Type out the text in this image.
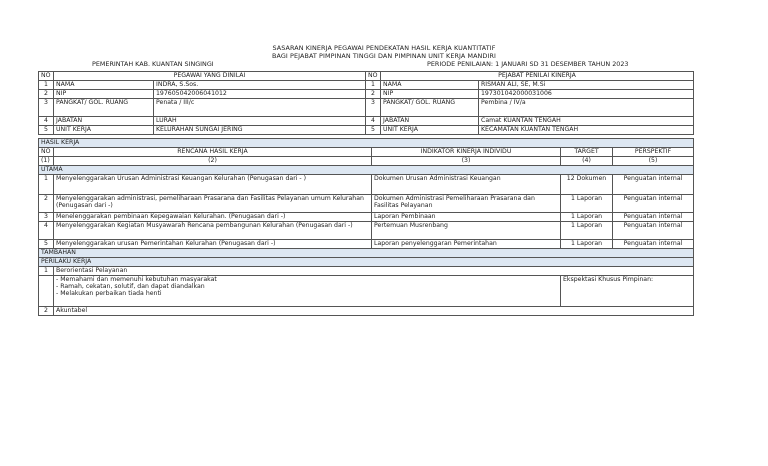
SASARAN KINERJA PEGAWAI PENDEKATAN HASIL KERJA KUANTITATIF
BAGI PEJABAT PIMPINAN TINGGI DAN PIMPINAN UNIT KERJA MANDIRI
PEMERINTAH KAB. KUANTAN SINGINGI	PERIODE PENILAIAN: 1 JANUARI SD 31 DESEMBER TAHUN 2023
NO	PEGAWAI YANG DINILAI		NO	PEJABAT PENILAI KINERJA	
1	NAMA	INDRA, S.Sos.	1	NAMA	RISMAN ALI, SE, M.Si
2	NIP	197605042006041012	2	NIP	197301042000031006
3	PANGKAT/ GOL. RUANG	Penata / III/c	3	PANGKAT/ GOL. RUANG	Pembina / IV/a
4	JABATAN	LURAH	4	JABATAN	Camat KUANTAN TENGAH
5	UNIT KERJA	KELURAHAN SUNGAI JERING	5	UNIT KERJA	KECAMATAN KUANTAN TENGAH
HASIL KERJA				
NO	RENCANA HASIL KERJA	INDIKATOR KINERJA INDIVIDU	TARGET	PERSPEKTIF
(1)	(2)	(3)	(4)	(5)
UTAMA				
1	Menyelenggarakan Urusan Administrasi Keuangan Kelurahan (Penugasan dari - )	Dokumen Urusan Administrasi Keuangan	12 Dokumen	Penguatan internal
2	Menyelenggarakan administrasi, pemeliharaan Prasarana dan Fasilitas Pelayanan umum Kelurahan (Penugasan dari -)	Dokumen Administrasi Pemeliharaan Prasarana dan Fasilitas Pelayanan	1 Laporan	Penguatan internal
3	Menelenggarakan pembinaan Kepegawaian Kelurahan. (Penugasan dari -)	Laporan Pembinaan	1 Laporan	Penguatan internal
4	Menyelenggarakan Kegiatan Musyawarah Rencana pembangunan Kelurahan (Penugasan dari -)	Pertemuan Musrenbang	1 Laporan	Penguatan internal
5	Menyelenggarakan urusan Pemerintahan Kelurahan (Penugasan dari -)	Laporan penyelenggaran Pemerintahan	1 Laporan	Penguatan internal
TAMBAHAN				
PERILAKU KERJA				
1	Berorientasi Pelayanan			

	- Memahami dan memenuhi kebutuhan masyarakat
- Ramah, cekatan, solutif, dan dapat diandalkan
- Melakukan perbaikan tiada henti		Ekspektasi Khusus Pimpinan:	
2	Akuntabel			
